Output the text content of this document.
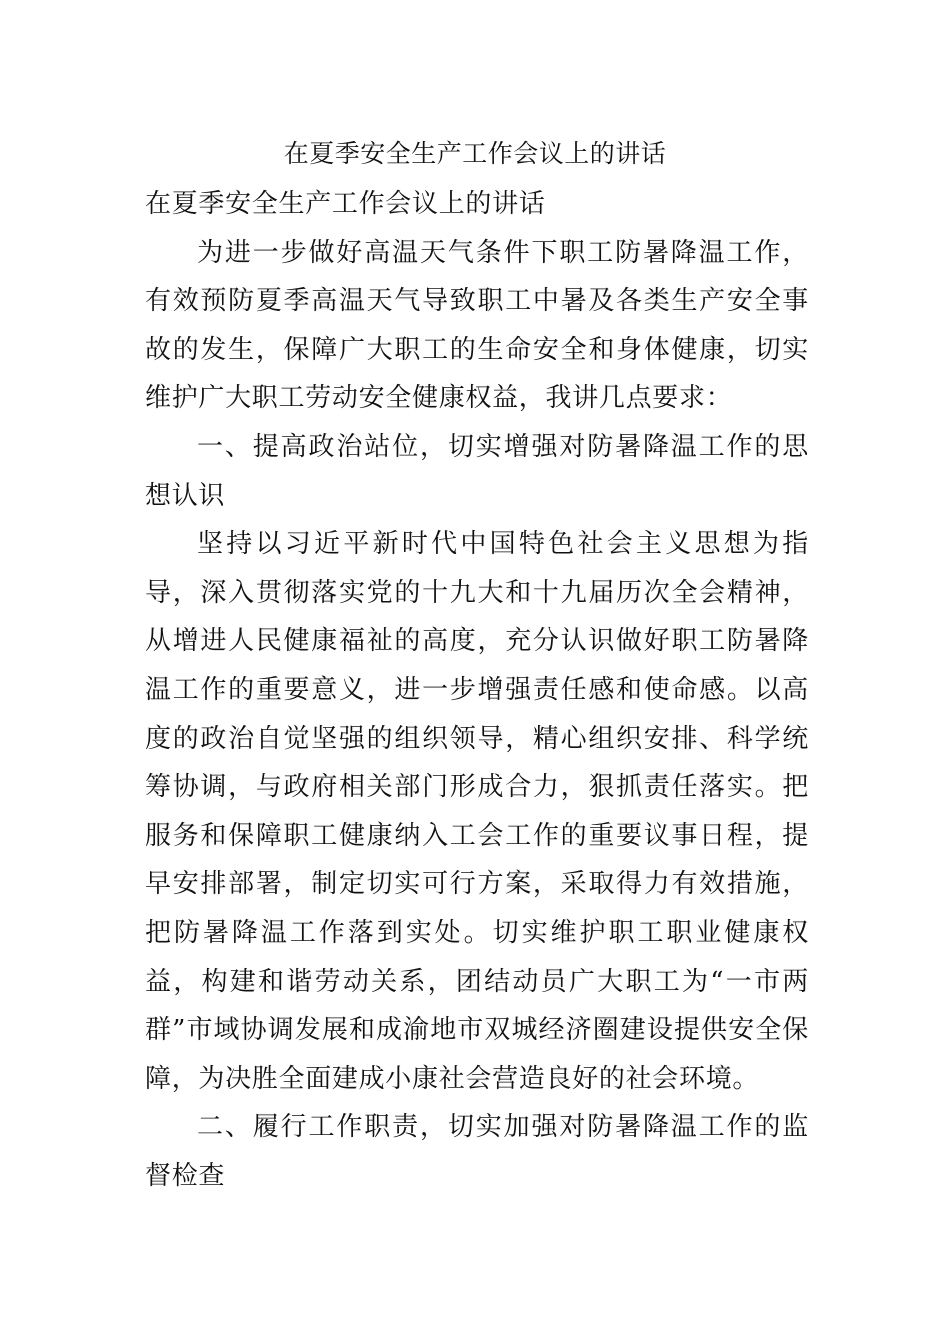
在夏季安全生产工作会议上的讲话

在夏季安全生产工作会议上的讲话

为进一步做好高温天气条件下职工防暑降温工作，有效预防夏季高温天气导致职工中暑及各类生产安全事故的发生，保障广大职工的生命安全和身体健康，切实维护广大职工劳动安全健康权益，我讲几点要求：

一、提高政治站位，切实增强对防暑降温工作的思想认识

坚持以习近平新时代中国特色社会主义思想为指导，深入贯彻落实党的十九大和十九届历次全会精神，从增进人民健康福祉的高度，充分认识做好职工防暑降温工作的重要意义，进一步增强责任感和使命感。以高度的政治自觉坚强的组织领导，精心组织安排、科学统筹协调，与政府相关部门形成合力，狠抓责任落实。把服务和保障职工健康纳入工会工作的重要议事日程，提早安排部署，制定切实可行方案，采取得力有效措施，把防暑降温工作落到实处。切实维护职工职业健康权益，构建和谐劳动关系，团结动员广大职工为“一市两群”市域协调发展和成渝地市双城经济圈建设提供安全保障，为决胜全面建成小康社会营造良好的社会环境。

二、履行工作职责，切实加强对防暑降温工作的监督检查
